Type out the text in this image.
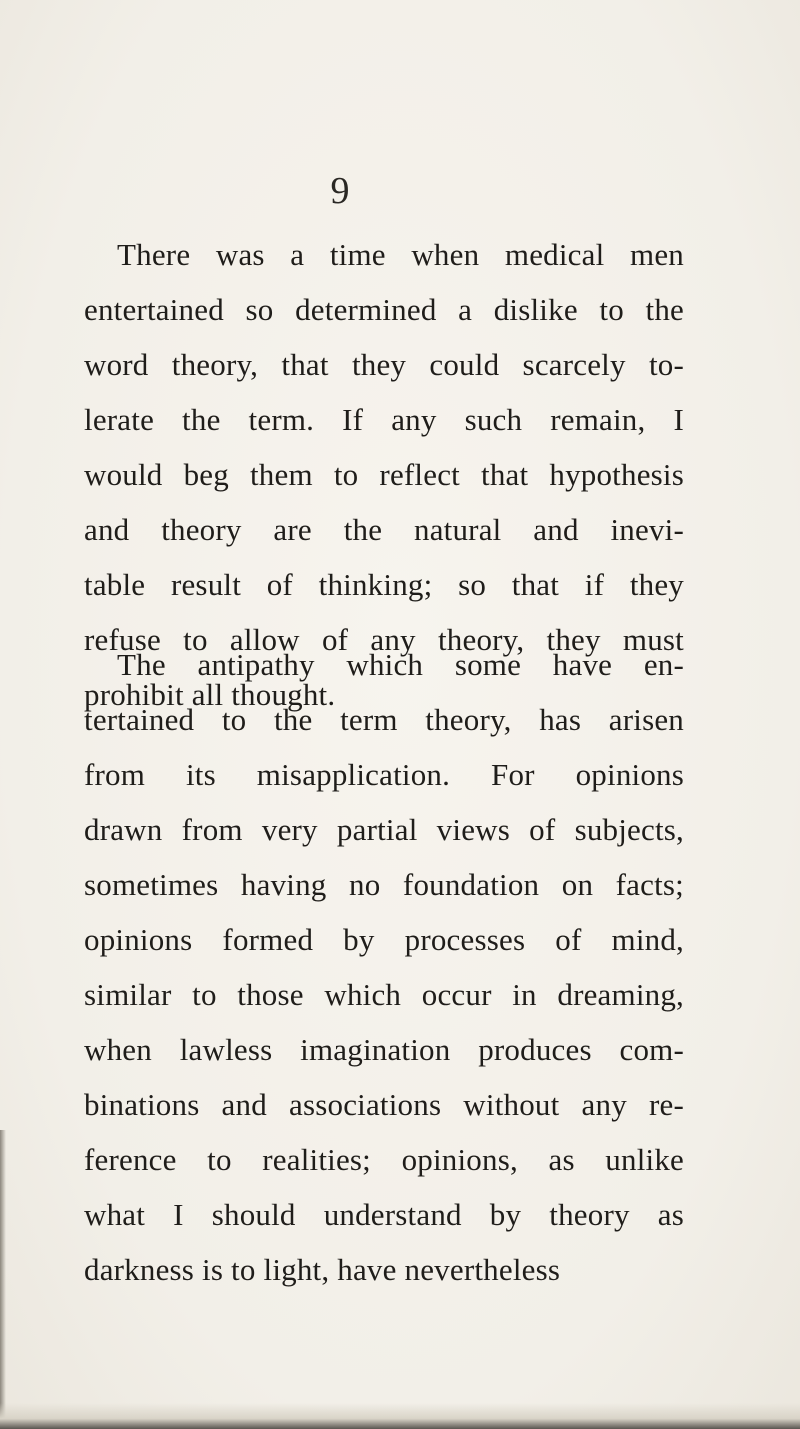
9
There was a time when medical men
entertained so determined a dislike to the
word theory, that they could scarcely to-
lerate the term. If any such remain, I
would beg them to reflect that hypothesis
and theory are the natural and inevi-
table result of thinking; so that if they
refuse to allow of any theory, they must
prohibit all thought.
The antipathy which some have en-
tertained to the term theory, has arisen
from its misapplication. For opinions
drawn from very partial views of subjects,
sometimes having no foundation on facts;
opinions formed by processes of mind,
similar to those which occur in dreaming,
when lawless imagination produces com-
binations and associations without any re-
ference to realities; opinions, as unlike
what I should understand by theory as
darkness is to light, have nevertheless
